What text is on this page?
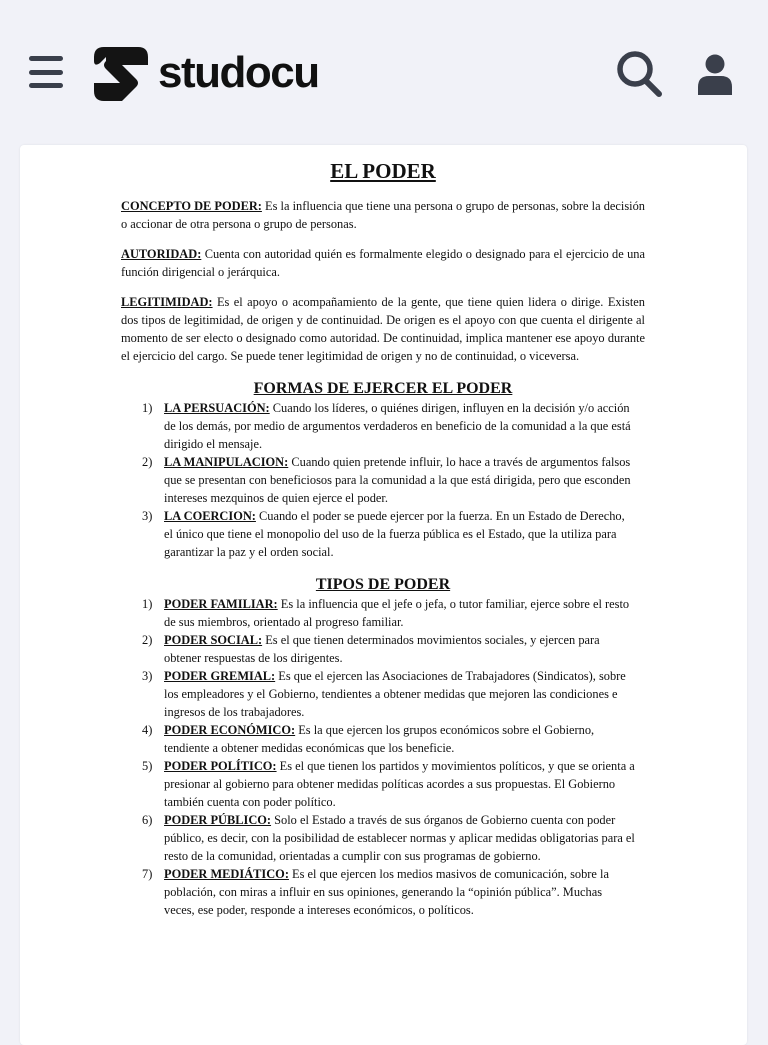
studocu
EL PODER

CONCEPTO DE PODER: Es la influencia que tiene una persona o grupo de personas, sobre la decisión o accionar de otra persona o grupo de personas.

AUTORIDAD: Cuenta con autoridad quién es formalmente elegido o designado para el ejercicio de una función dirigencial o jerárquica.

LEGITIMIDAD: Es el apoyo o acompañamiento de la gente, que tiene quien lidera o dirige. Existen dos tipos de legitimidad, de origen y de continuidad. De origen es el apoyo con que cuenta el dirigente al momento de ser electo o designado como autoridad. De continuidad, implica mantener ese apoyo durante el ejercicio del cargo. Se puede tener legitimidad de origen y no de continuidad, o viceversa.

FORMAS DE EJERCER EL PODER
1) LA PERSUACIÓN: Cuando los líderes, o quiénes dirigen, influyen en la decisión y/o acción de los demás, por medio de argumentos verdaderos en beneficio de la comunidad a la que está dirigido el mensaje.
2) LA MANIPULACION: Cuando quien pretende influir, lo hace a través de argumentos falsos que se presentan con beneficiosos para la comunidad a la que está dirigida, pero que esconden intereses mezquinos de quien ejerce el poder.
3) LA COERCION: Cuando el poder se puede ejercer por la fuerza. En un Estado de Derecho, el único que tiene el monopolio del uso de la fuerza pública es el Estado, que la utiliza para garantizar la paz y el orden social.
TIPOS DE PODER
1) PODER FAMILIAR: Es la influencia que el jefe o jefa, o tutor familiar, ejerce sobre el resto de sus miembros, orientado al progreso familiar.
2) PODER SOCIAL: Es el que tienen determinados movimientos sociales, y ejercen para obtener respuestas de los dirigentes.
3) PODER GREMIAL: Es que el ejercen las Asociaciones de Trabajadores (Sindicatos), sobre los empleadores y el Gobierno, tendientes a obtener medidas que mejoren las condiciones e ingresos de los trabajadores.
4) PODER ECONÓMICO: Es la que ejercen los grupos económicos sobre el Gobierno, tendiente a obtener medidas económicas que los beneficie.
5) PODER POLÍTICO: Es el que tienen los partidos y movimientos políticos, y que se orienta a presionar al gobierno para obtener medidas políticas acordes a sus propuestas. El Gobierno también cuenta con poder político.
6) PODER PÚBLICO: Solo el Estado a través de sus órganos de Gobierno cuenta con poder público, es decir, con la posibilidad de establecer normas y aplicar medidas obligatorias para el resto de la comunidad, orientadas a cumplir con sus programas de gobierno.
7) PODER MEDIÁTICO: Es el que ejercen los medios masivos de comunicación, sobre la población, con miras a influir en sus opiniones, generando la “opinión pública”. Muchas veces, ese poder, responde a intereses económicos, o políticos.
